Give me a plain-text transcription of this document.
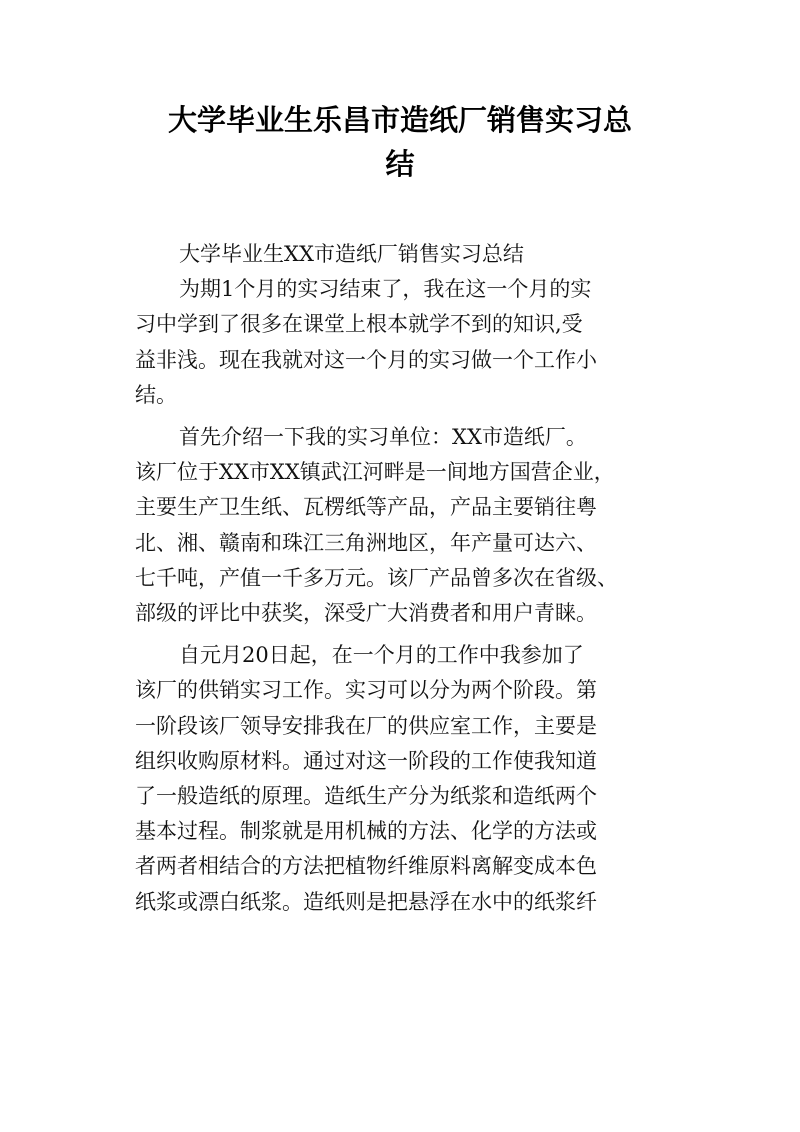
大学毕业生乐昌市造纸厂销售实习总
结

大学毕业生XX市造纸厂销售实习总结

为期1个月的实习结束了，我在这一个月的实
习中学到了很多在课堂上根本就学不到的知识,受
益非浅。现在我就对这一个月的实习做一个工作小
结。

首先介绍一下我的实习单位：XX市造纸厂。
该厂位于XX市XX镇武江河畔是一间地方国营企业，
主要生产卫生纸、瓦楞纸等产品，产品主要销往粤
北、湘、赣南和珠江三角洲地区，年产量可达六、
七千吨，产值一千多万元。该厂产品曾多次在省级、
部级的评比中获奖，深受广大消费者和用户青睐。

自元月20日起，在一个月的工作中我参加了
该厂的供销实习工作。实习可以分为两个阶段。第
一阶段该厂领导安排我在厂的供应室工作，主要是
组织收购原材料。通过对这一阶段的工作使我知道
了一般造纸的原理。造纸生产分为纸浆和造纸两个
基本过程。制浆就是用机械的方法、化学的方法或
者两者相结合的方法把植物纤维原料离解变成本色
纸浆或漂白纸浆。造纸则是把悬浮在水中的纸浆纤
